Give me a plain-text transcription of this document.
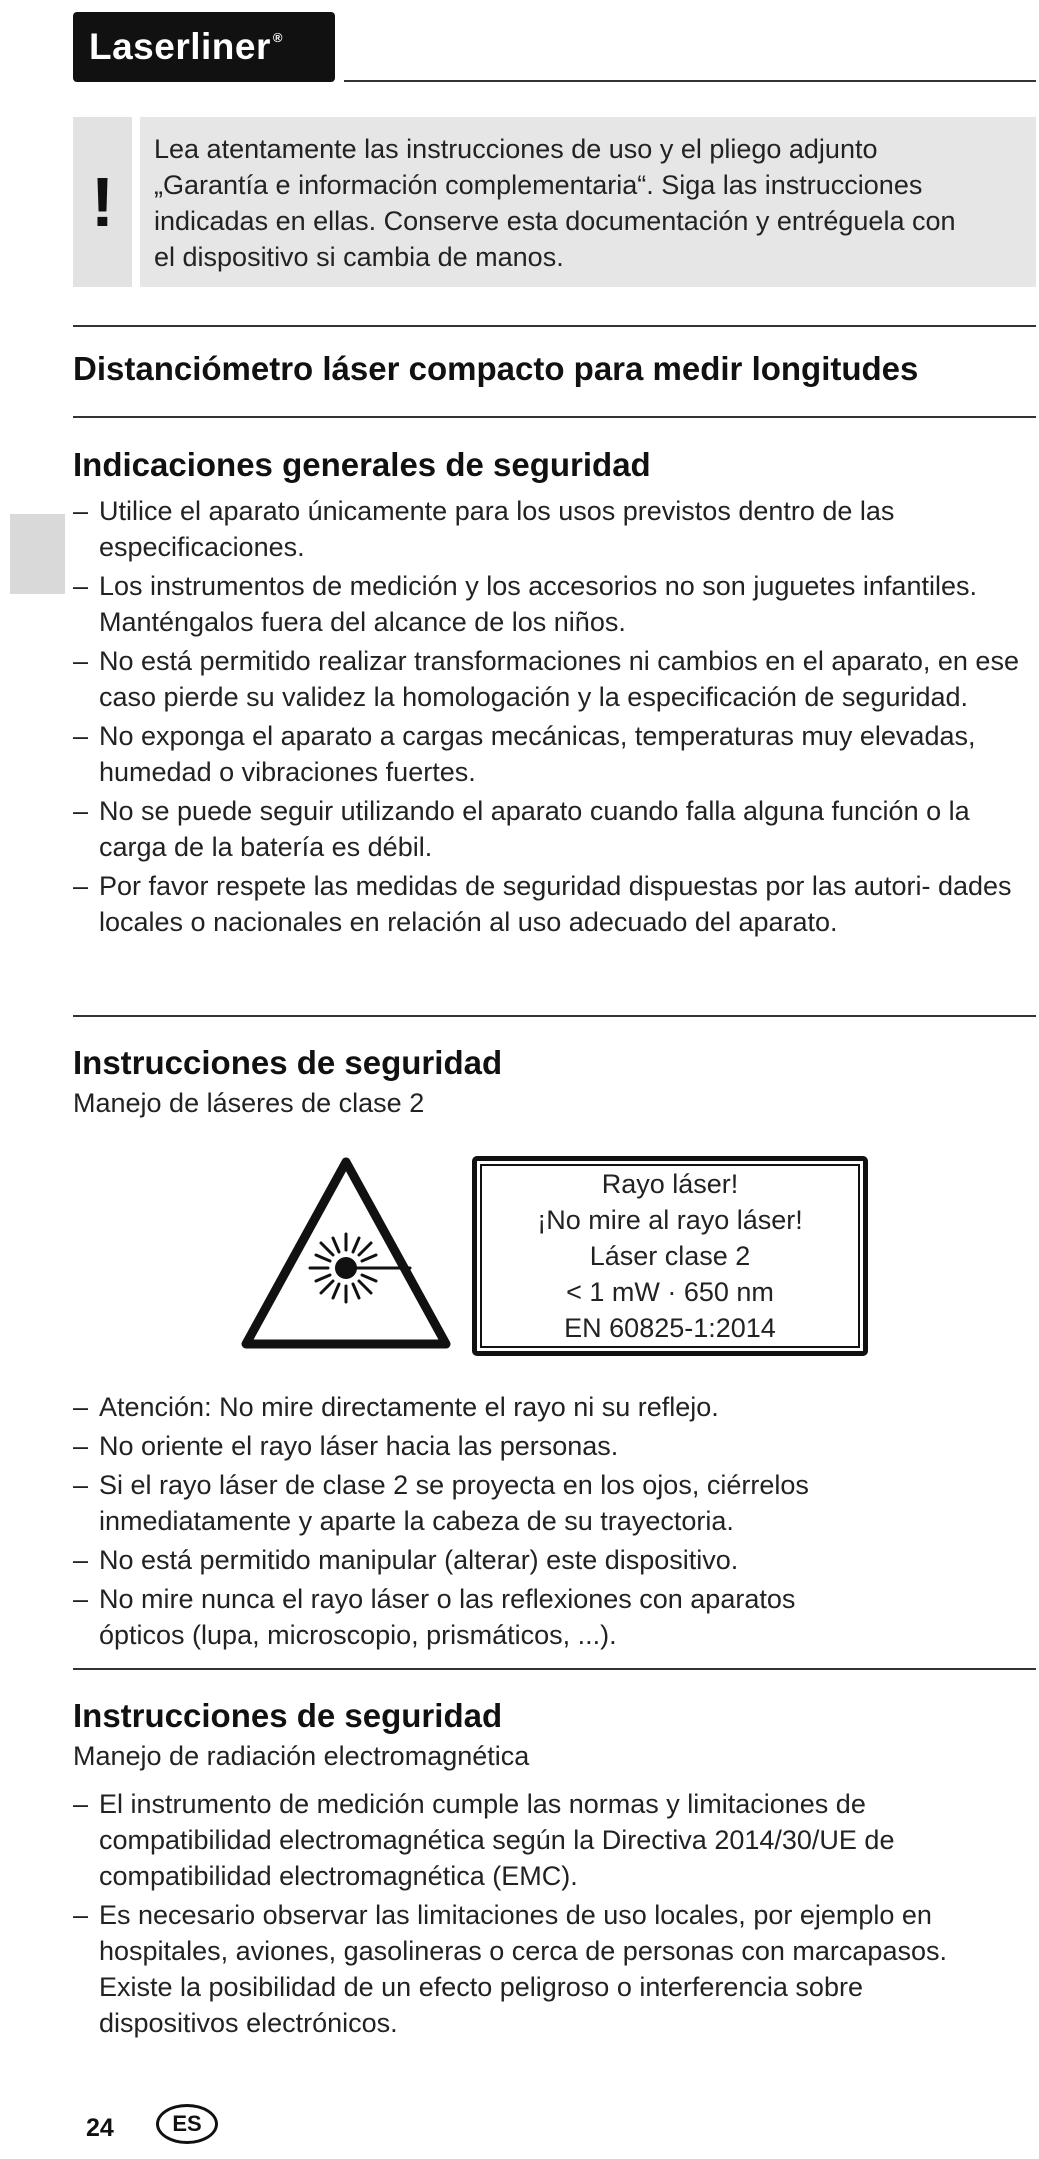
Laserliner®
!
Lea atentamente las instrucciones de uso y el pliego adjunto
„Garantía e información complementaria“. Siga las instrucciones
indicadas en ellas. Conserve esta documentación y entréguela con
el dispositivo si cambia de manos.
Distanciómetro láser compacto para medir longitudes
Indicaciones generales de seguridad
– Utilice el aparato únicamente para los usos previstos dentro de las especificaciones.
– Los instrumentos de medición y los accesorios no son juguetes infantiles. Manténgalos fuera del alcance de los niños.
– No está permitido realizar transformaciones ni cambios en el aparato, en ese caso pierde su validez la homologación y la especificación de seguridad.
– No exponga el aparato a cargas mecánicas, temperaturas muy elevadas, humedad o vibraciones fuertes.
– No se puede seguir utilizando el aparato cuando falla alguna función o la carga de la batería es débil.
– Por favor respete las medidas de seguridad dispuestas por las autori- dades locales o nacionales en relación al uso adecuado del aparato.
Instrucciones de seguridad
Manejo de láseres de clase 2
Rayo láser!
¡No mire al rayo láser!
Láser clase 2
< 1 mW · 650 nm
EN 60825-1:2014
– Atención: No mire directamente el rayo ni su reflejo.
– No oriente el rayo láser hacia las personas.
– Si el rayo láser de clase 2 se proyecta en los ojos, ciérrelos inmediatamente y aparte la cabeza de su trayectoria.
– No está permitido manipular (alterar) este dispositivo.
– No mire nunca el rayo láser o las reflexiones con aparatos ópticos (lupa, microscopio, prismáticos, ...).
Instrucciones de seguridad
Manejo de radiación electromagnética
– El instrumento de medición cumple las normas y limitaciones de compatibilidad electromagnética según la Directiva 2014/30/UE de compatibilidad electromagnética (EMC).
– Es necesario observar las limitaciones de uso locales, por ejemplo en hospitales, aviones, gasolineras o cerca de personas con marcapasos. Existe la posibilidad de un efecto peligroso o interferencia sobre dispositivos electrónicos.
24	ES
